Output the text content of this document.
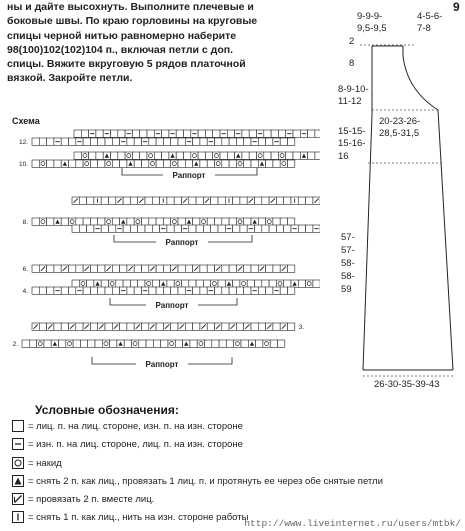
ны и дайте высохнуть. Выполните плечевые и
боковые швы. По краю горловины на круговые
спицы черной нитью равномерно наберите
98(100)102(102)104 п., включая петли с доп.
спицы. Вяжите вкруговую 5 рядов платочной
вязкой. Закройте петли.
9
Схема
12.
10.
Раппорт
8.
Раппорт
6.
4.
Раппорт
3.
2.
Раппорт
9-9-9-
9,5-9,5
4-5-6-
7-8
2
8
8-9-10-
11-12
20-23-26-
28,5-31,5
15-15-
15-16-
16
57-
57-
58-
58-
59
26-30-35-39-43
Условные обозначения:
= лиц. п. на лиц. стороне, изн. п. на изн. стороне
= изн. п. на лиц. стороне, лиц. п. на изн. стороне
= накид
= снять 2 п. как лиц., провязать 1 лиц. п. и протянуть ее через обе снятые петли
= провязать 2 п. вместе лиц.
= снять 1 п. как лиц., нить на изн. стороне работы
http://www.liveinternet.ru/users/mtbk/
